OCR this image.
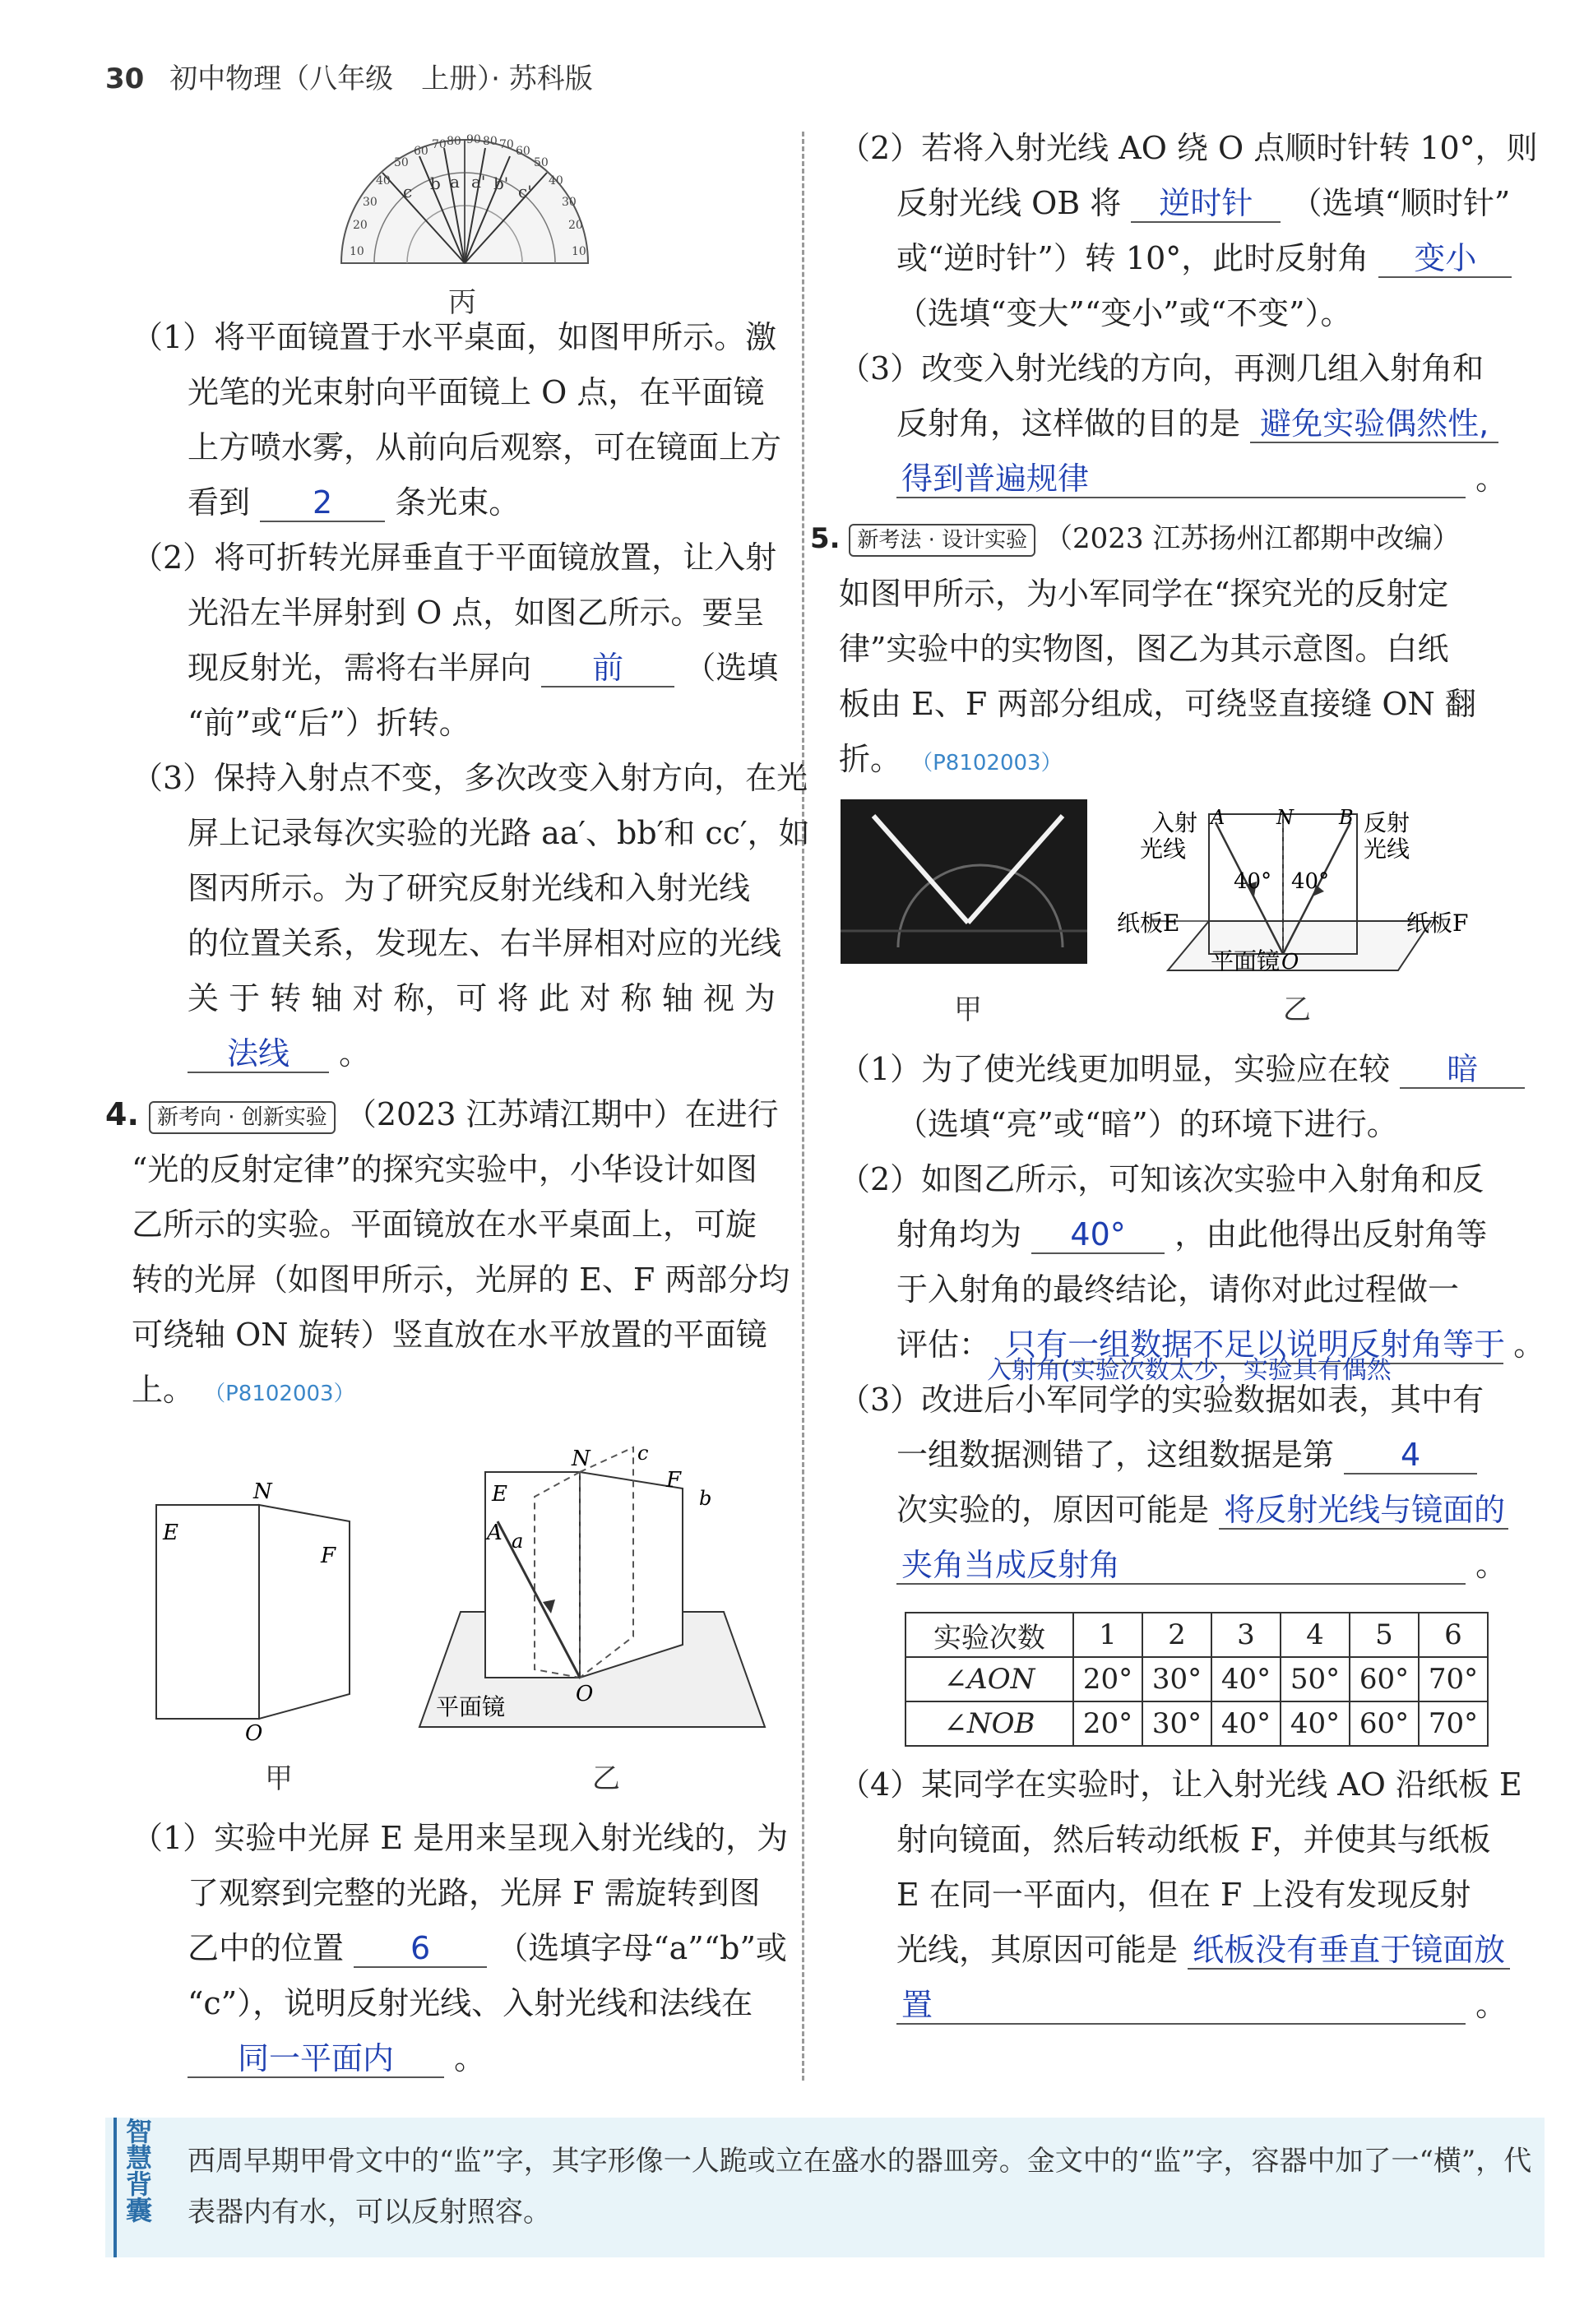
30 初中物理（八年级　上册）· 苏科版
c b a a' b' c'
10
20
30
40
50
60 70 80 90 80 70 60
50
40
30
20
10
丙
（1）将平面镜置于水平桌面，如图甲所示。激
光笔的光束射向平面镜上 O 点，在平面镜
上方喷水雾，从前向后观察，可在镜面上方
看到 2 条光束。
（2）将可折转光屏垂直于平面镜放置，让入射
光沿左半屏射到 O 点，如图乙所示。要呈
现反射光，需将右半屏向 前 （选填
“前”或“后”）折转。
（3）保持入射点不变，多次改变入射方向，在光
屏上记录每次实验的光路 aa′、bb′和 cc′，如
图丙所示。为了研究反射光线和入射光线
的位置关系，发现左、右半屏相对应的光线
关 于 转 轴 对 称，可 将 此 对 称 轴 视 为
法线 。
4. 新考向 · 创新实验 （2023 江苏靖江期中）在进行
“光的反射定律”的探究实验中，小华设计如图
乙所示的实验。平面镜放在水平桌面上，可旋
转的光屏（如图甲所示，光屏的 E、F 两部分均
可绕轴 ON 旋转）竖直放在水平放置的平面镜
上。 （P8102003）
E
N
F
O
甲
E
N c
F
b
A a
O
平面镜
乙
（1）实验中光屏 E 是用来呈现入射光线的，为
了观察到完整的光路，光屏 F 需旋转到图
乙中的位置 6 （选填字母“a”“b”或
“c”），说明反射光线、入射光线和法线在
同一平面内 。
（2）若将入射光线 AO 绕 O 点顺时针转 10°，则
反射光线 OB 将 逆时针 （选填“顺时针”
或“逆时针”）转 10°，此时反射角 变小
（选填“变大”“变小”或“不变”）。
（3）改变入射光线的方向，再测几组入射角和
反射角，这样做的目的是 避免实验偶然性,
得到普遍规律	。
5. 新考法 · 设计实验 （2023 江苏扬州江都期中改编）
如图甲所示，为小军同学在“探究光的反射定
律”实验中的实物图，图乙为其示意图。白纸
板由 E、F 两部分组成，可绕竖直接缝 ON 翻
折。 （P8102003）
甲
入射
光线
A	N B 反射
光线
40° 40°
纸板E	纸板F
平面镜 O
乙
（1）为了使光线更加明显，实验应在较 暗
（选填“亮”或“暗”）的环境下进行。
（2）如图乙所示，可知该次实验中入射角和反
射角均为 40° ，由此他得出反射角等
于入射角的最终结论，请你对此过程做一
评估： 只有一组数据不足以说明反射角等于 。
入射角(实验次数太少，实验具有偶然
（3）改进后小军同学的实验数据如表，其中有
一组数据测错了，这组数据是第 4
次实验的，原因可能是 将反射光线与镜面的
夹角当成反射角	。
实验次数	1	2	3	4	5	6
∠AON	20°	30°	40°	50°	60°	70°
∠NOB	20°	30°	40°	40°	60°	70°
（4）某同学在实验时，让入射光线 AO 沿纸板 E
射向镜面，然后转动纸板 F，并使其与纸板
E 在同一平面内，但在 F 上没有发现反射
光线，其原因可能是 纸板没有垂直于镜面放
置	。
智慧背囊 西周早期甲骨文中的“监”字，其字形像一人跪或立在盛水的器皿旁。金文中的“监”字，容器中加了一“横”，代表器内有水，可以反射照容。
